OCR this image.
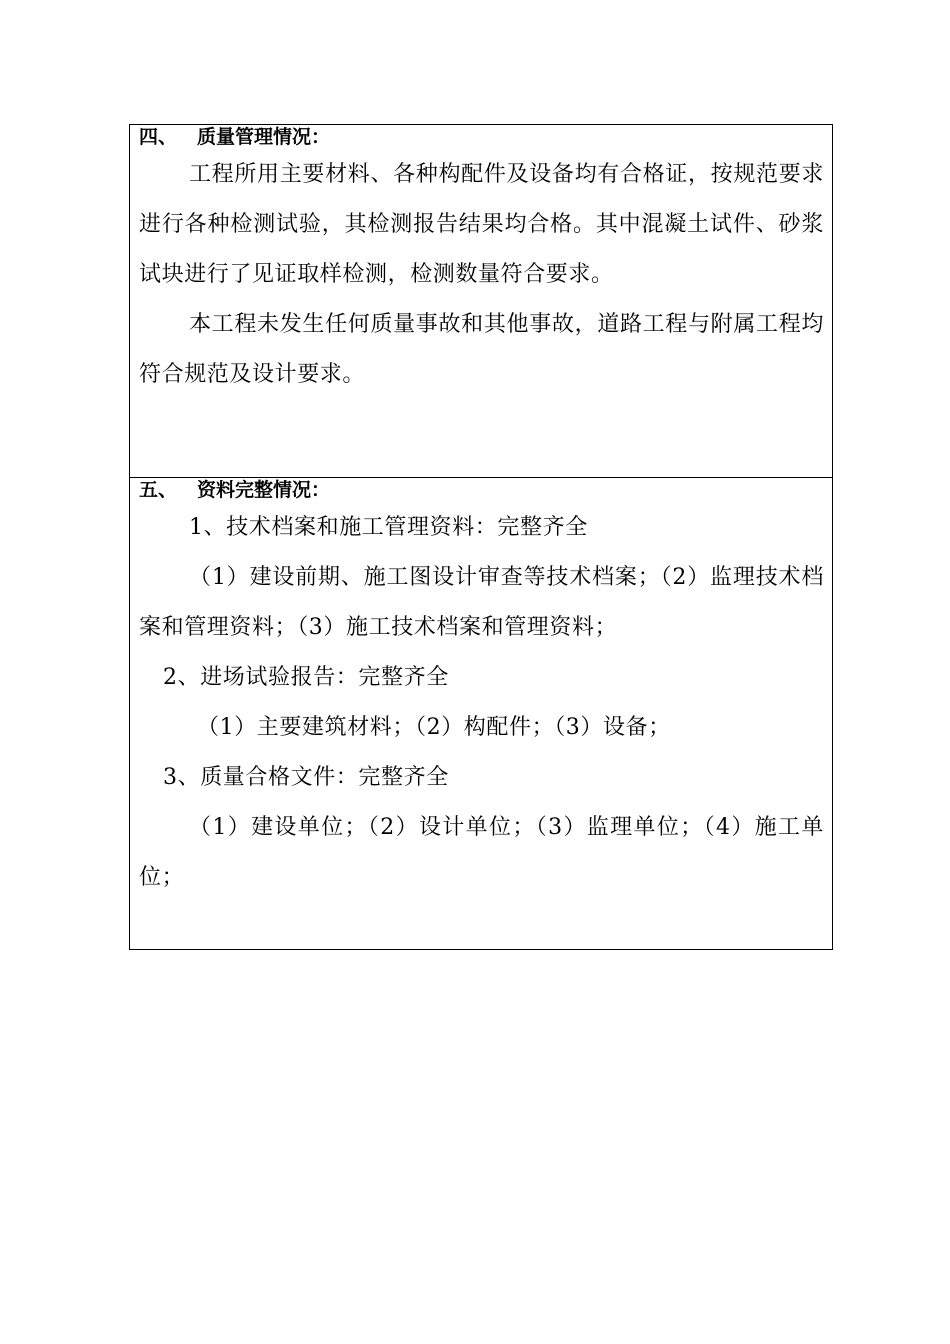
四、 质量管理情况：

工程所用主要材料、各种构配件及设备均有合格证，按规范要求进行各种检测试验，其检测报告结果均合格。其中混凝土试件、砂浆试块进行了见证取样检测，检测数量符合要求。

本工程未发生任何质量事故和其他事故，道路工程与附属工程均符合规范及设计要求。

五、 资料完整情况：

1、技术档案和施工管理资料：完整齐全

（1）建设前期、施工图设计审查等技术档案；（2）监理技术档案和管理资料；（3）施工技术档案和管理资料；

2、进场试验报告：完整齐全

（1）主要建筑材料；（2）构配件；（3）设备；

3、质量合格文件：完整齐全

（1）建设单位；（2）设计单位；（3）监理单位；（4）施工单位；
